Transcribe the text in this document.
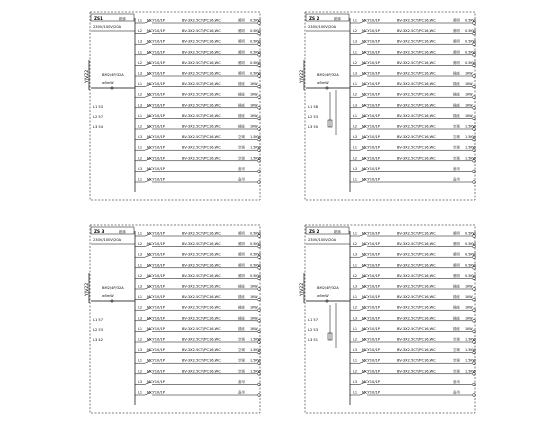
ZS1	箱体
230V/100V/20A
YJV22	BM2/4P/32A
w5mW
L1 53
L2 57
L3 54
L1 MCY10/1P	BV-3X2.5CT/PC16,WC	照明 0.5KW
L2 MCY10/1P	BV-3X2.5CT/PC16,WC	照明 0.5KW
L3 MCY10/1P	BV-3X2.5CT/PC16,WC	照明 0.5KW
L1 MCY10/1P	BV-3X2.5CT/PC16,WC	照明 0.5KW
L2 MCY10/1P	BV-3X2.5CT/PC16,WC	照明 0.5KW
L3 MCY10/1P	BV-3X2.5CT/PC16,WC	照明 0.5KW
L1 MCY10/1P	BV-3X2.5CT/PC16,WC	插座 1KW
L2 MCY10/1P	BV-3X2.5CT/PC16,WC	插座 1KW
L3 MCY10/1P	BV-3X2.5CT/PC16,WC	插座 1KW
L1 MCY10/1P	BV-3X2.5CT/PC16,WC	插座 1KW
L2 MCY10/1P	BV-3X2.5CT/PC16,WC	插座 1KW
L3 MCY10/1P	BV-3X2.5CT/PC16,WC	空调 1.5KW
L1 MCY10/1P	BV-3X2.5CT/PC16,WC	空调 1.5KW
L2 MCY10/1P	BV-3X2.5CT/PC16,WC	空调 1.5KW
L3 MCY10/1P	备用
L1 MCY10/1P	备用
ZS 2	箱体
230V/100V/20A
YJV22	BM2/4P/32A
w5mW
L1 58
L2 53
L3 50
L1 MCY10/1P	BV-3X2.5CT/PC16,WC	照明 0.5KW
L2 MCY10/1P	BV-3X2.5CT/PC16,WC	照明 0.5KW
L3 MCY10/1P	BV-3X2.5CT/PC16,WC	照明 0.5KW
L1 MCY10/1P	BV-3X2.5CT/PC16,WC	照明 0.5KW
L2 MCY10/1P	BV-3X2.5CT/PC16,WC	照明 0.5KW
L3 MCY10/1P	BV-3X2.5CT/PC16,WC	插座 1KW
L1 MCY10/1P	BV-3X2.5CT/PC16,WC	插座 1KW
L2 MCY10/1P	BV-3X2.5CT/PC16,WC	插座 1KW
L3 MCY10/1P	BV-3X2.5CT/PC16,WC	插座 1KW
L1 MCY10/1P	BV-3X2.5CT/PC16,WC	插座 1KW
L2 MCY10/1P	BV-3X2.5CT/PC16,WC	空调 1.5KW
L3 MCY10/1P	BV-3X2.5CT/PC16,WC	空调 1.5KW
L1 MCY10/1P	BV-3X2.5CT/PC16,WC	空调 1.5KW
L2 MCY10/1P	BV-3X2.5CT/PC16,WC	空调 1.5KW
L3 MCY10/1P	备用
L1 MCY10/1P	备用
ZS 3	箱体
230V/100V/20A
YJV22	BM2/4P/32A
w5mW
L1 57
L2 53
L3 42
L1 MCY10/1P	BV-3X2.5CT/PC16,WC	照明 0.5KW
L2 MCY10/1P	BV-3X2.5CT/PC16,WC	照明 0.5KW
L3 MCY10/1P	BV-3X2.5CT/PC16,WC	照明 0.5KW
L1 MCY10/1P	BV-3X2.5CT/PC16,WC	照明 0.5KW
L2 MCY10/1P	BV-3X2.5CT/PC16,WC	照明 0.5KW
L3 MCY10/1P	BV-3X2.5CT/PC16,WC	插座 1KW
L1 MCY10/1P	BV-3X2.5CT/PC16,WC	插座 1KW
L2 MCY10/1P	BV-3X2.5CT/PC16,WC	插座 1KW
L3 MCY10/1P	BV-3X2.5CT/PC16,WC	插座 1KW
L1 MCY10/1P	BV-3X2.5CT/PC16,WC	插座 1KW
L2 MCY10/1P	BV-3X2.5CT/PC16,WC	空调 1.5KW
L3 MCY10/1P	BV-3X2.5CT/PC16,WC	空调 1.5KW
L1 MCY10/1P	BV-3X2.5CT/PC16,WC	空调 1.5KW
L2 MCY10/1P	BV-3X2.5CT/PC16,WC	空调 1.5KW
L3 MCY10/1P	备用
L1 MCY10/1P	备用
ZS 2	箱体
230V/100V/20A
YJV22	BM2/4P/32A
w5mW
L1 57
L2 53
L3 51
L1 MCY10/1P	BV-3X2.5CT/PC16,WC	照明 0.5KW
L2 MCY10/1P	BV-3X2.5CT/PC16,WC	照明 0.5KW
L3 MCY10/1P	BV-3X2.5CT/PC16,WC	照明 0.5KW
L1 MCY10/1P	BV-3X2.5CT/PC16,WC	照明 0.5KW
L2 MCY10/1P	BV-3X2.5CT/PC16,WC	照明 0.5KW
L3 MCY10/1P	BV-3X2.5CT/PC16,WC	插座 1KW
L1 MCY10/1P	BV-3X2.5CT/PC16,WC	插座 1KW
L2 MCY10/1P	BV-3X2.5CT/PC16,WC	插座 1KW
L3 MCY10/1P	BV-3X2.5CT/PC16,WC	插座 1KW
L1 MCY10/1P	BV-3X2.5CT/PC16,WC	插座 1KW
L2 MCY10/1P	BV-3X2.5CT/PC16,WC	空调 1.5KW
L3 MCY10/1P	BV-3X2.5CT/PC16,WC	空调 1.5KW
L1 MCY10/1P	BV-3X2.5CT/PC16,WC	空调 1.5KW
L2 MCY10/1P	BV-3X2.5CT/PC16,WC	空调 1.5KW
L3 MCY10/1P	备用
L1 MCY10/1P	备用
